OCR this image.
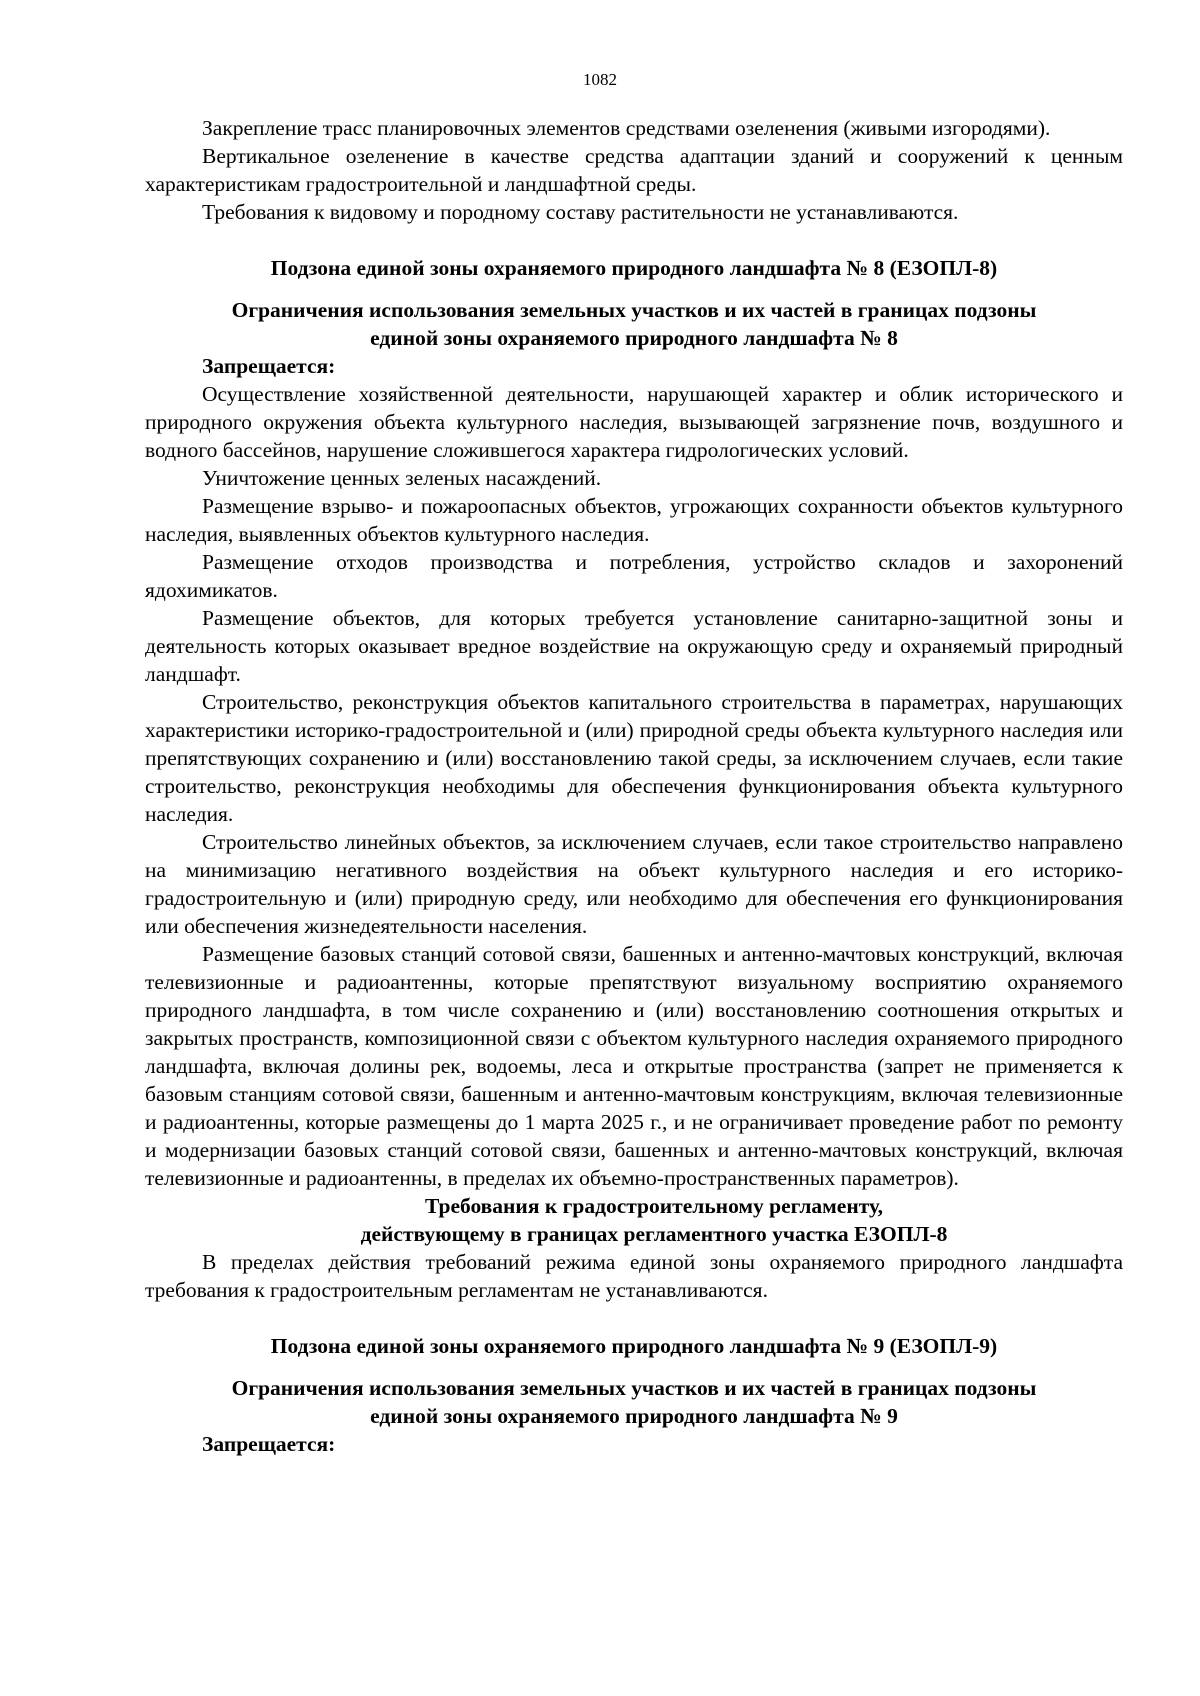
1082

Закрепление трасс планировочных элементов средствами озеленения (живыми изгородями).

Вертикальное озеленение в качестве средства адаптации зданий и сооружений к ценным характеристикам градостроительной и ландшафтной среды.

Требования к видовому и породному составу растительности не устанавливаются.

Подзона единой зоны охраняемого природного ландшафта № 8 (ЕЗОПЛ-8)

Ограничения использования земельных участков и их частей в границах подзоны

единой зоны охраняемого природного ландшафта № 8

Запрещается:

Осуществление хозяйственной деятельности, нарушающей характер и облик исторического и природного окружения объекта культурного наследия, вызывающей загрязнение почв, воздушного и водного бассейнов, нарушение сложившегося характера гидрологических условий.

Уничтожение ценных зеленых насаждений.

Размещение взрыво- и пожароопасных объектов, угрожающих сохранности объектов культурного наследия, выявленных объектов культурного наследия.

Размещение отходов производства и потребления, устройство складов и захоронений ядохимикатов.

Размещение объектов, для которых требуется установление санитарно-защитной зоны и деятельность которых оказывает вредное воздействие на окружающую среду и охраняемый природный ландшафт.

Строительство, реконструкция объектов капитального строительства в параметрах, нарушающих характеристики историко-градостроительной и (или) природной среды объекта культурного наследия или препятствующих сохранению и (или) восстановлению такой среды, за исключением случаев, если такие строительство, реконструкция необходимы для обеспечения функционирования объекта культурного наследия.

Строительство линейных объектов, за исключением случаев, если такое строительство направлено на минимизацию негативного воздействия на объект культурного наследия и его историко-градостроительную и (или) природную среду, или необходимо для обеспечения его функционирования или обеспечения жизнедеятельности населения.

Размещение базовых станций сотовой связи, башенных и антенно-мачтовых конструкций, включая телевизионные и радиоантенны, которые препятствуют визуальному восприятию охраняемого природного ландшафта, в том числе сохранению и (или) восстановлению соотношения открытых и закрытых пространств, композиционной связи с объектом культурного наследия охраняемого природного ландшафта, включая долины рек, водоемы, леса и открытые пространства (запрет не применяется к базовым станциям сотовой связи, башенным и антенно-мачтовым конструкциям, включая телевизионные и радиоантенны, которые размещены до 1 марта 2025 г., и не ограничивает проведение работ по ремонту и модернизации базовых станций сотовой связи, башенных и антенно-мачтовых конструкций, включая телевизионные и радиоантенны, в пределах их объемно-пространственных параметров).

Требования к градостроительному регламенту,

действующему в границах регламентного участка ЕЗОПЛ-8

В пределах действия требований режима единой зоны охраняемого природного ландшафта требования к градостроительным регламентам не устанавливаются.

Подзона единой зоны охраняемого природного ландшафта № 9 (ЕЗОПЛ-9)

Ограничения использования земельных участков и их частей в границах подзоны

единой зоны охраняемого природного ландшафта № 9

Запрещается:
